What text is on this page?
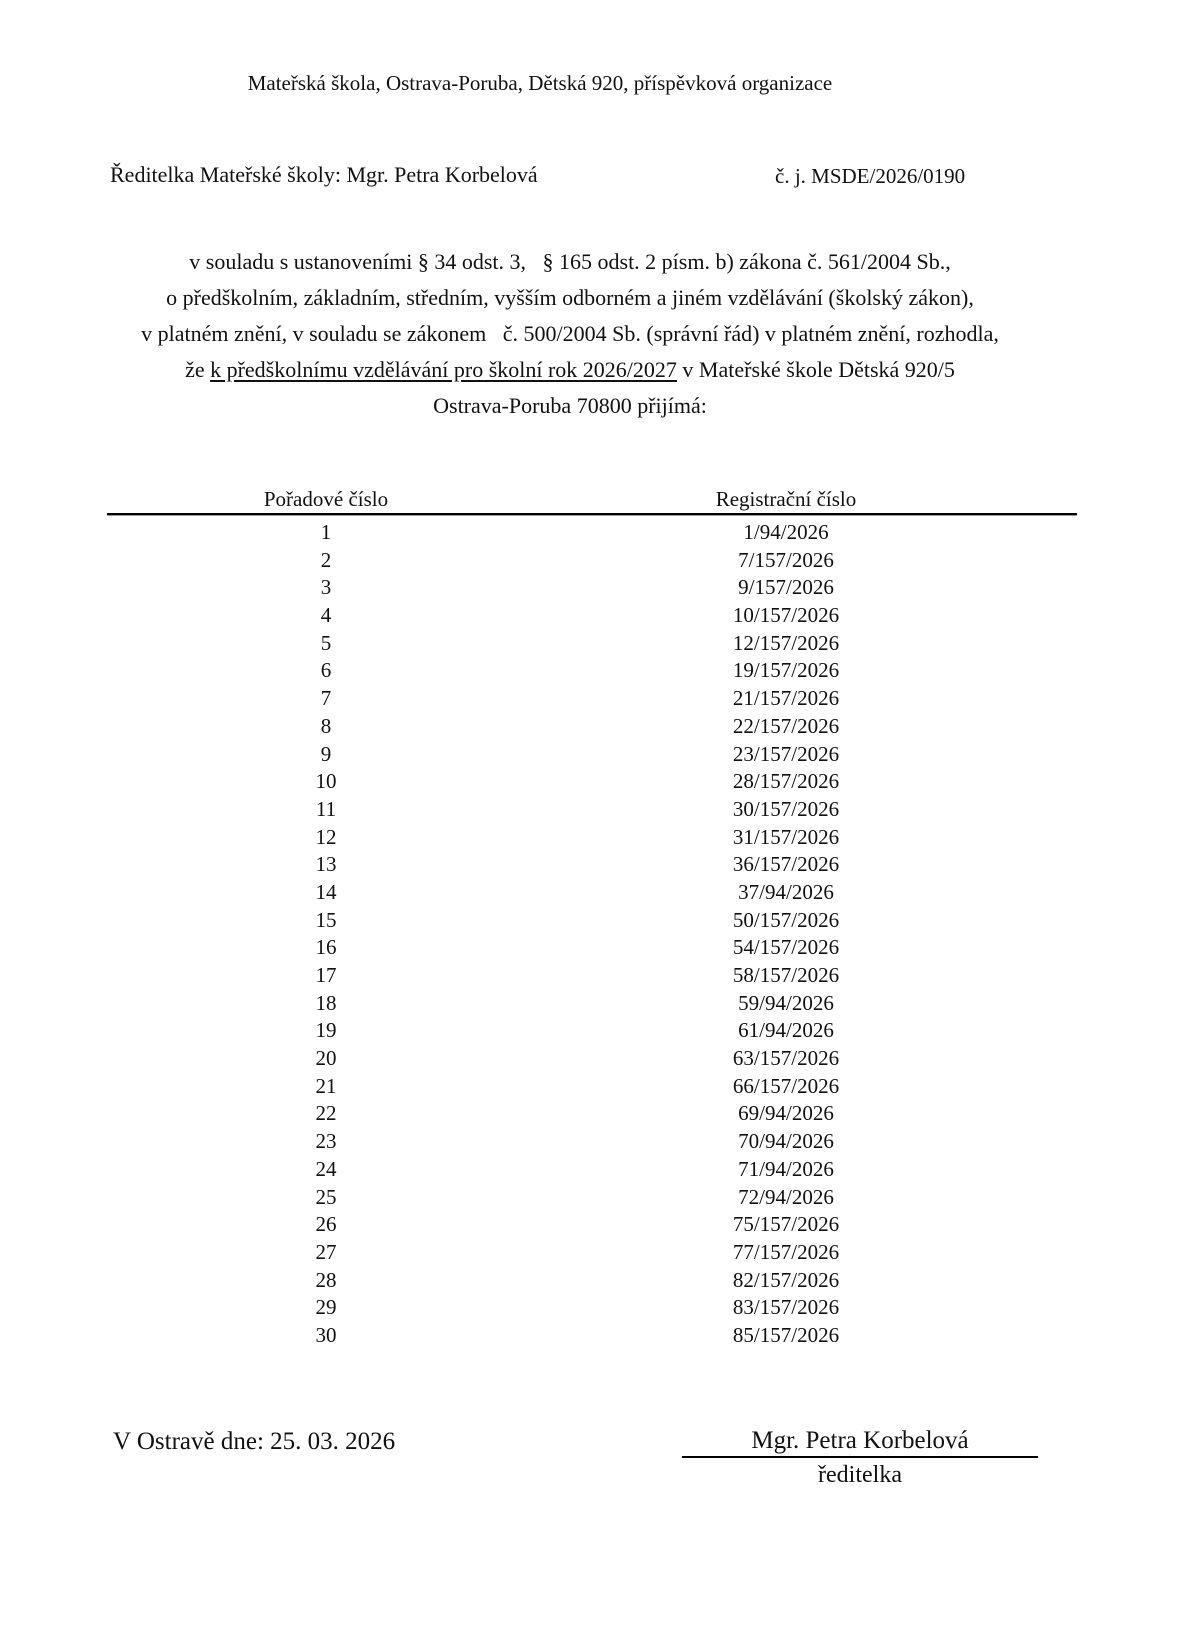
Mateřská škola, Ostrava-Poruba, Dětská 920, příspěvková organizace
Ředitelka Mateřské školy: Mgr. Petra Korbelová	č. j. MSDE/2026/0190
v souladu s ustanoveními § 34 odst. 3,   § 165 odst. 2 písm. b) zákona č. 561/2004 Sb.,
o předškolním, základním, středním, vyšším odborném a jiném vzdělávání (školský zákon),
v platném znění, v souladu se zákonem   č. 500/2004 Sb. (správní řád) v platném znění, rozhodla,
že k předškolnímu vzdělávání pro školní rok 2026/2027 v Mateřské škole Dětská 920/5
Ostrava-Poruba 70800 přijímá:
Pořadové číslo	Registrační číslo
1	1/94/2026
2	7/157/2026
3	9/157/2026
4	10/157/2026
5	12/157/2026
6	19/157/2026
7	21/157/2026
8	22/157/2026
9	23/157/2026
10	28/157/2026
11	30/157/2026
12	31/157/2026
13	36/157/2026
14	37/94/2026
15	50/157/2026
16	54/157/2026
17	58/157/2026
18	59/94/2026
19	61/94/2026
20	63/157/2026
21	66/157/2026
22	69/94/2026
23	70/94/2026
24	71/94/2026
25	72/94/2026
26	75/157/2026
27	77/157/2026
28	82/157/2026
29	83/157/2026
30	85/157/2026
V Ostravě dne: 25. 03. 2026	Mgr. Petra Korbelová
ředitelka
